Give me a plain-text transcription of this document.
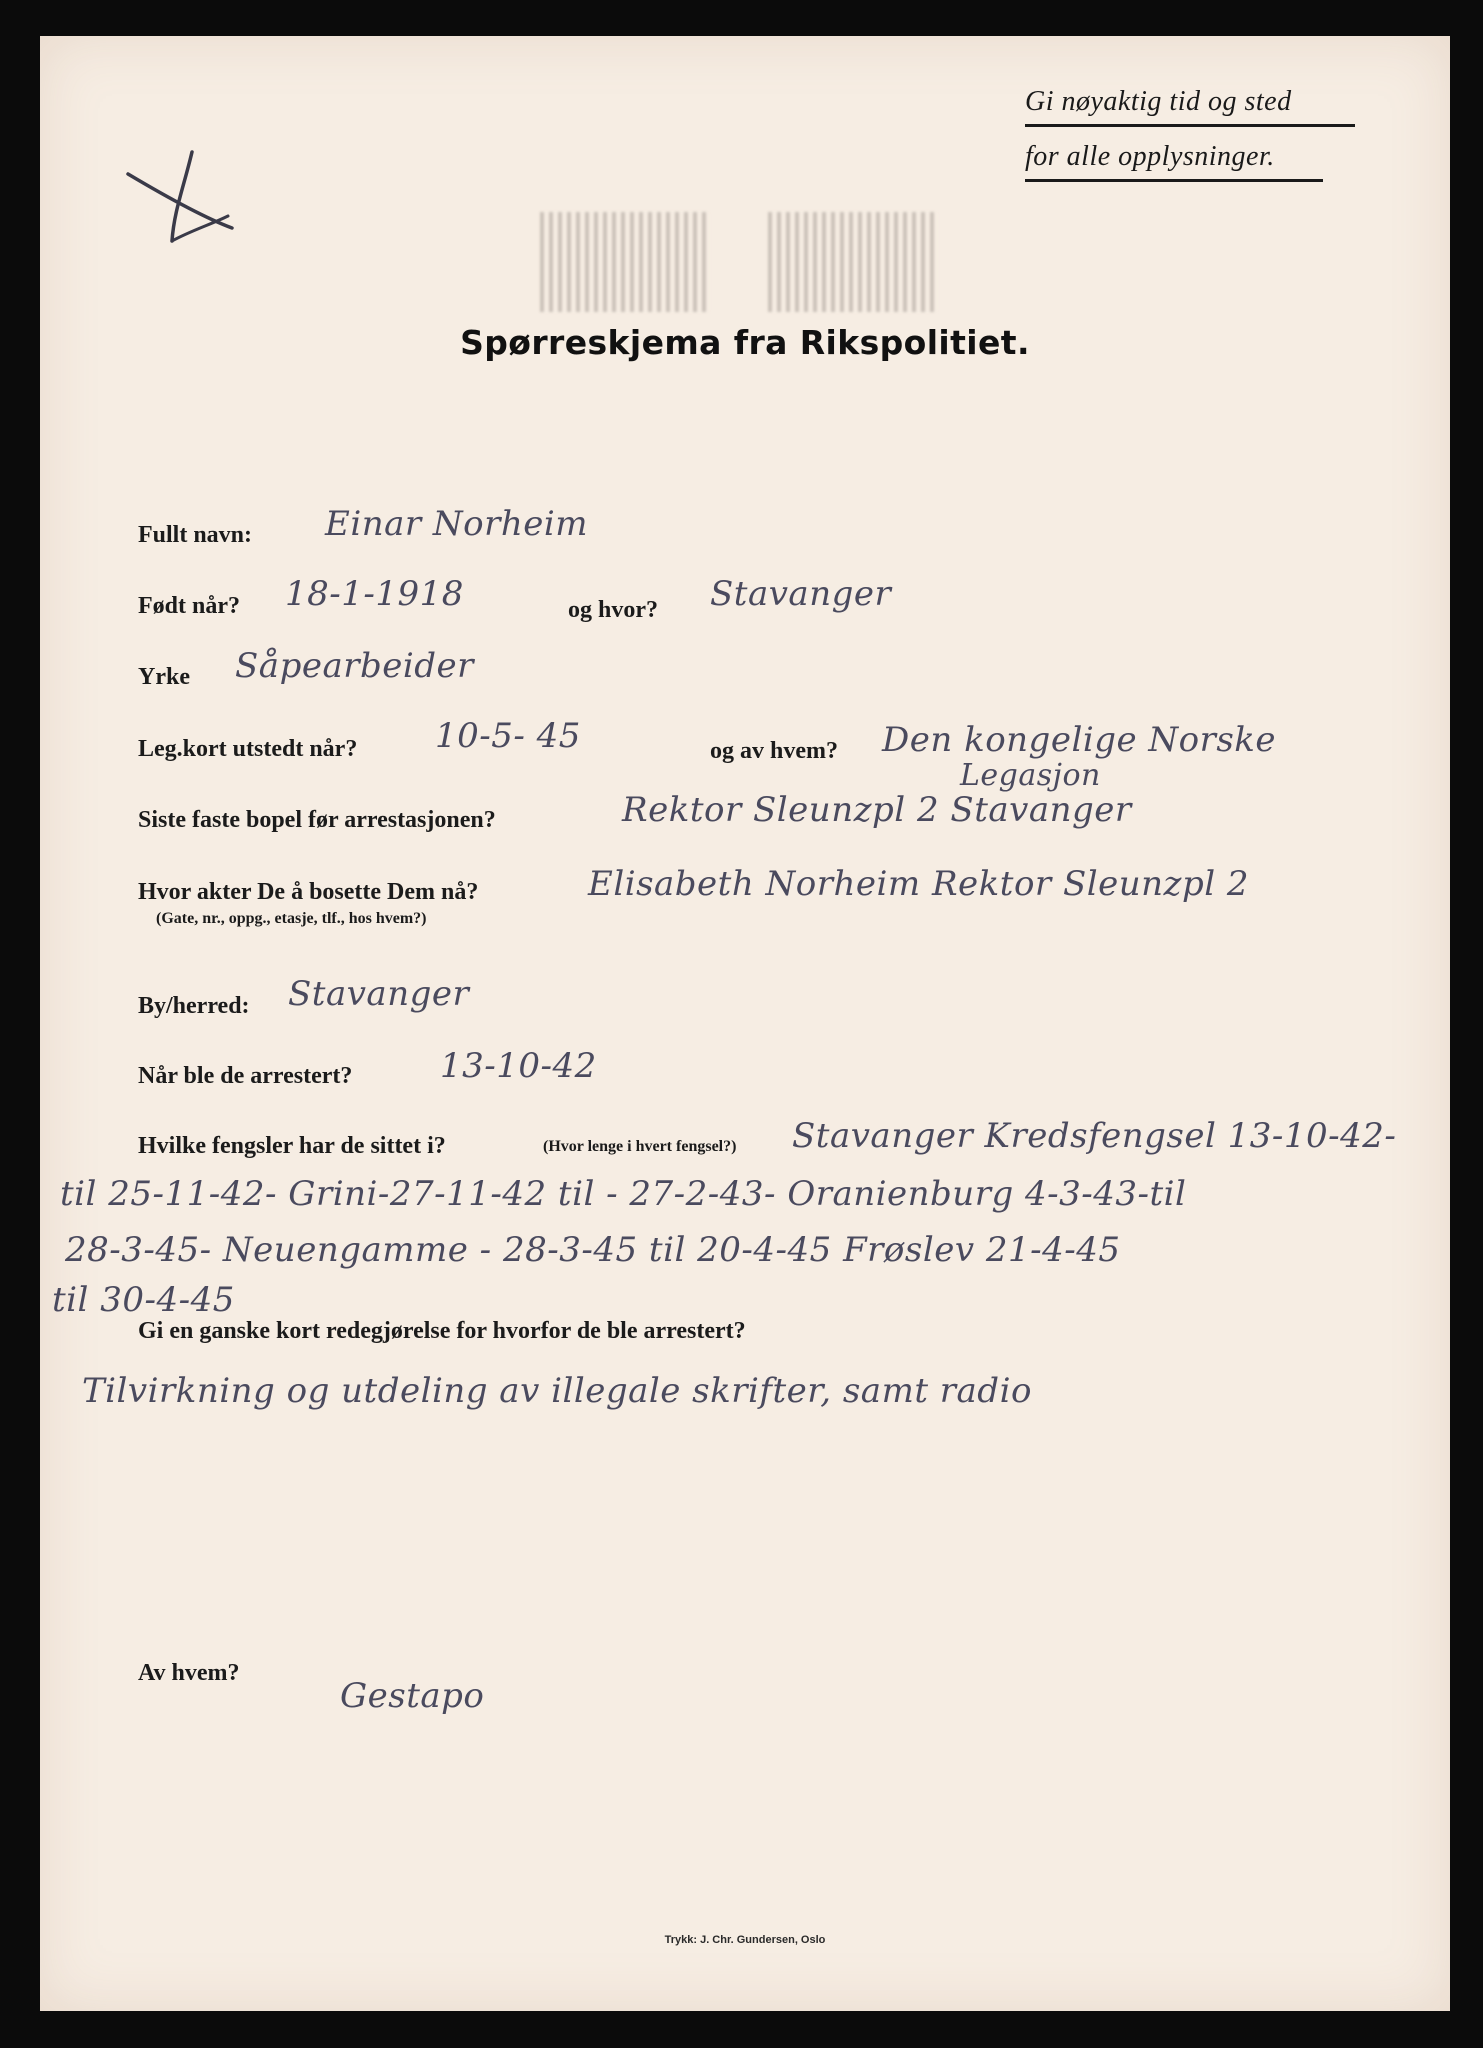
Gi nøyaktig tid og sted
for alle opplysninger.
Spørreskjema fra Rikspolitiet.
Fullt navn: Einar Norheim
Født når? 18-1-1918	og hvor? Stavanger
Yrke Såpearbeider
Leg.kort utstedt når? 10-5- 45	og av hvem? Den kongelige Norske
Legasjon
Siste faste bopel før arrestasjonen?	Rektor Sleunzpl 2 Stavanger
Hvor akter De å bosette Dem nå?
(Gate, nr., oppg., etasje, tlf., hos hvem?)
Elisabeth Norheim Rektor Sleunzpl 2
By/herred: Stavanger
Når ble de arrestert?	13-10-42
Hvilke fengsler har de sittet i?	(Hvor lenge i hvert fengsel?) Stavanger Kredsfengsel 13-10-42-
til 25-11-42- Grini-27-11-42 til - 27-2-43- Oranienburg 4-3-43-til
28-3-45- Neuengamme - 28-3-45 til 20-4-45 Frøslev 21-4-45
til 30-4-45
Gi en ganske kort redegjørelse for hvorfor de ble arrestert?
Tilvirkning og utdeling av illegale skrifter, samt radio
Av hvem?
Gestapo
Trykk: J. Chr. Gundersen, Oslo
